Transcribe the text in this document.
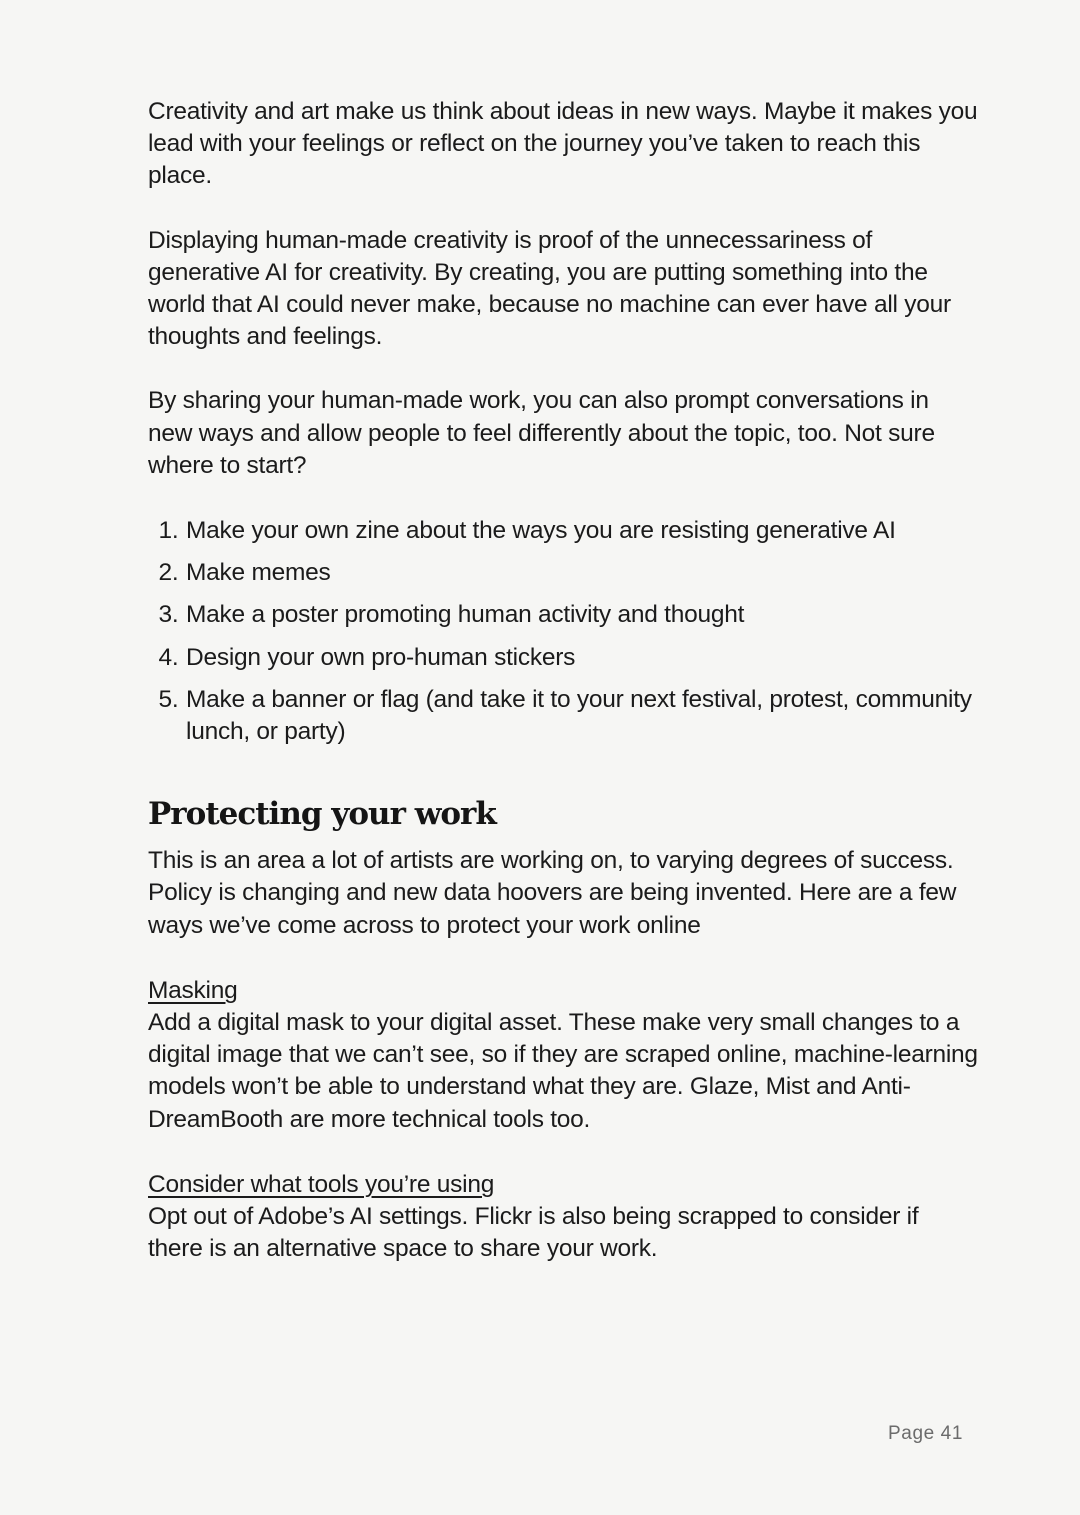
Creativity and art make us think about ideas in new ways. Maybe it makes you lead with your feelings or reflect on the journey you’ve taken to reach this place.

Displaying human-made creativity is proof of the unnecessariness of generative AI for creativity. By creating, you are putting something into the world that AI could never make, because no machine can ever have all your thoughts and feelings.

By sharing your human-made work, you can also prompt conversations in new ways and allow people to feel differently about the topic, too. Not sure where to start?

1. Make your own zine about the ways you are resisting generative AI
2. Make memes
3. Make a poster promoting human activity and thought
4. Design your own pro-human stickers
5. Make a banner or flag (and take it to your next festival, protest, community lunch, or party)
Protecting your work

This is an area a lot of artists are working on, to varying degrees of success. Policy is changing and new data hoovers are being invented. Here are a few ways we’ve come across to protect your work online

Masking

Add a digital mask to your digital asset. These make very small changes to a digital image that we can’t see, so if they are scraped online, machine-learning models won’t be able to understand what they are. Glaze, Mist and Anti-DreamBooth are more technical tools too.

Consider what tools you’re using

Opt out of Adobe’s AI settings. Flickr is also being scrapped to consider if there is an alternative space to share your work.

Page 41
